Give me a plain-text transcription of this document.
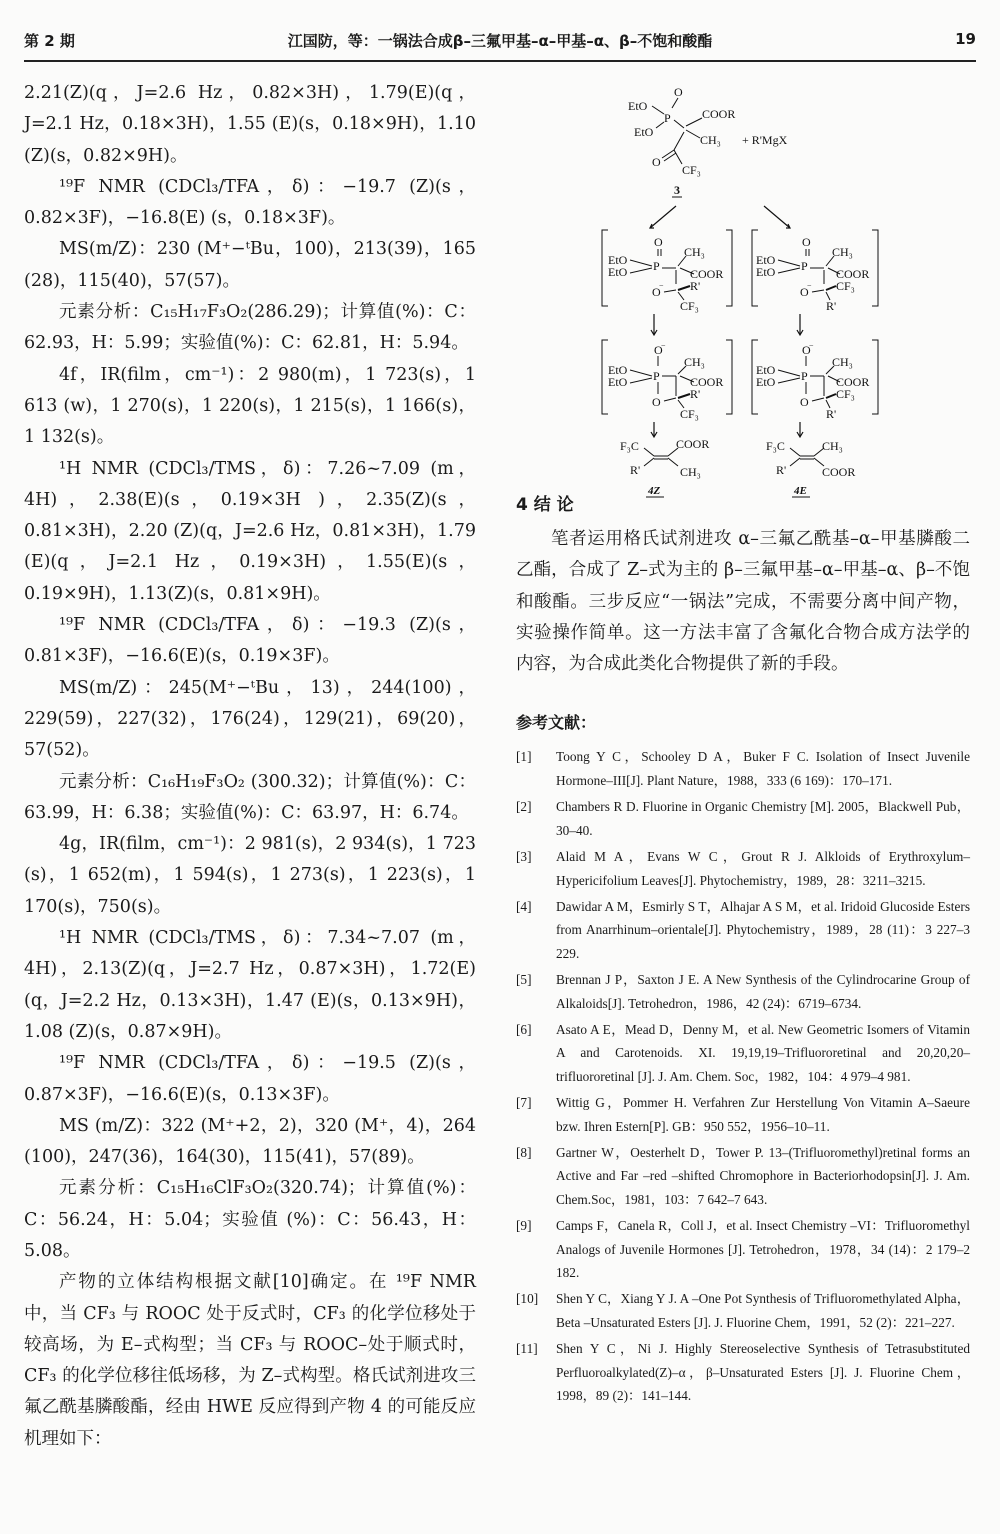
第 2 期	江国防，等：一锅法合成β–三氟甲基–α–甲基–α、β–不饱和酸酯	19

2.21(Z)(q，J=2.6 Hz，0.82×3H)，1.79(E)(q，J=2.1 Hz，0.18×3H)，1.55 (E)(s，0.18×9H)，1.10 (Z)(s，0.82×9H)。

¹⁹F NMR (CDCl₃/TFA，δ)：−19.7 (Z)(s，0.82×3F)，−16.8(E) (s，0.18×3F)。

MS(m/Z)：230 (M⁺−ᵗBu，100)，213(39)，165 (28)，115(40)，57(57)。

元素分析：C₁₅H₁₇F₃O₂(286.29)；计算值(%)：C：62.93，H：5.99；实验值(%)：C：62.81，H：5.94。

4f，IR(film，cm⁻¹)：2 980(m)，1 723(s)，1 613 (w)，1 270(s)，1 220(s)，1 215(s)，1 166(s)，1 132(s)。

¹H NMR (CDCl₃/TMS，δ)：7.26~7.09 (m，4H)，2.38(E)(s，0.19×3H )，2.35(Z)(s，0.81×3H)，2.20 (Z)(q，J=2.6 Hz，0.81×3H)，1.79 (E)(q，J=2.1 Hz，0.19×3H)，1.55(E)(s，0.19×9H)，1.13(Z)(s，0.81×9H)。

¹⁹F NMR (CDCl₃/TFA，δ)：−19.3 (Z)(s，0.81×3F)，−16.6(E)(s，0.19×3F)。

MS(m/Z)：245(M⁺−ᵗBu，13)，244(100)，229(59)，227(32)，176(24)，129(21)，69(20)，57(52)。

元素分析：C₁₆H₁₉F₃O₂ (300.32)；计算值(%)：C：63.99，H：6.38；实验值(%)：C：63.97，H：6.74。

4g，IR(film，cm⁻¹)：2 981(s)，2 934(s)，1 723 (s)，1 652(m)，1 594(s)，1 273(s)，1 223(s)，1 170(s)，750(s)。

¹H NMR (CDCl₃/TMS，δ)：7.34~7.07 (m，4H)，2.13(Z)(q，J=2.7 Hz，0.87×3H)，1.72(E)(q，J=2.2 Hz，0.13×3H)，1.47 (E)(s，0.13×9H)，1.08 (Z)(s，0.87×9H)。

¹⁹F NMR (CDCl₃/TFA，δ)：−19.5 (Z)(s，0.87×3F)，−16.6(E)(s，0.13×3F)。

MS (m/Z)：322 (M⁺+2，2)，320 (M⁺，4)，264 (100)，247(36)，164(30)，115(41)，57(89)。

元素分析：C₁₅H₁₆ClF₃O₂(320.74)；计算值(%)：C：56.24，H：5.04；实验值 (%)：C：56.43，H：5.08。

产物的立体结构根据文献[10]确定。在 ¹⁹F NMR 中，当 CF₃ 与 ROOC 处于反式时，CF₃ 的化学位移处于较高场，为 E–式构型；当 CF₃ 与 ROOC–处于顺式时，CF₃ 的化学位移往低场移，为 Z–式构型。格氏试剂进攻三氟乙酰基膦酸酯，经由 HWE 反应得到产物 4 的可能反应机理如下：

EtO
P
O
EtO
COOR
CH₃
O
CF₃
3
+ R'MgX
O
EtO
EtO P
CH₃
COOR
O
− R'
CF₃
O
EtO
EtO P
CH₃
COOR
O
− CF₃
R'
O
−
EtO
EtO P
CH₃
COOR
O
R'
CF₃
O
−
EtO
EtO P
CH₃
COOR
O
CF₃
R'
F₃C	COOR
R'	CH₃
4Z
F₃C	CH₃
R'	COOR
4E
4 结 论

笔者运用格氏试剂进攻 α–三氟乙酰基–α–甲基膦酸二乙酯，合成了 Z–式为主的 β–三氟甲基–α–甲基–α、β–不饱和酸酯。三步反应“一锅法”完成，不需要分离中间产物，实验操作简单。这一方法丰富了含氟化合物合成方法学的内容，为合成此类化合物提供了新的手段。

参考文献：
[1]	Toong Y C，Schooley D A，Buker F C. Isolation of Insect Juvenile Hormone–III[J]. Plant Nature，1988，333 (6 169)：170–171.
[2]	Chambers R D. Fluorine in Organic Chemistry [M]. 2005，Blackwell Pub，30–40.
[3]	Alaid M A，Evans W C，Grout R J. Alkloids of Erythroxylum–Hypericifolium Leaves[J]. Phytochemistry，1989，28：3211–3215.
[4]	Dawidar A M，Esmirly S T，Alhajar A S M，et al. Iridoid Glucoside Esters from Anarrhinum–orientale[J]. Phytochemistry，1989，28 (11)：3 227–3 229.
[5]	Brennan J P，Saxton J E. A New Synthesis of the Cylindrocarine Group of Alkaloids[J]. Tetrohedron，1986，42 (24)：6719–6734.
[6]	Asato A E，Mead D，Denny M，et al. New Geometric Isomers of Vitamin A and Carotenoids. XI. 19,19,19–Trifluororetinal and 20,20,20–trifluororetinal [J]. J. Am. Chem. Soc，1982，104：4 979–4 981.
[7]	Wittig G，Pommer H. Verfahren Zur Herstellung Von Vitamin A–Saeure bzw. Ihren Estern[P]. GB：950 552，1956–10–11.
[8]	Gartner W，Oesterhelt D，Tower P. 13–(Trifluoromethyl)retinal forms an Active and Far –red –shifted Chromophore in Bacteriorhodopsin[J]. J. Am. Chem.Soc，1981，103：7 642–7 643.
[9]	Camps F，Canela R，Coll J，et al. Insect Chemistry –VI：Trifluoromethyl Analogs of Juvenile Hormones [J]. Tetrohedron，1978，34 (14)：2 179–2 182.
[10]	Shen Y C，Xiang Y J. A –One Pot Synthesis of Trifluoromethylated Alpha，Beta –Unsaturated Esters [J]. J. Fluorine Chem，1991，52 (2)：221–227.
[11]	Shen Y C，Ni J. Highly Stereoselective Synthesis of Tetrasubstituted Perfluoroalkylated(Z)–α，β–Unsaturated Esters [J]. J. Fluorine Chem，1998，89 (2)：141–144.
